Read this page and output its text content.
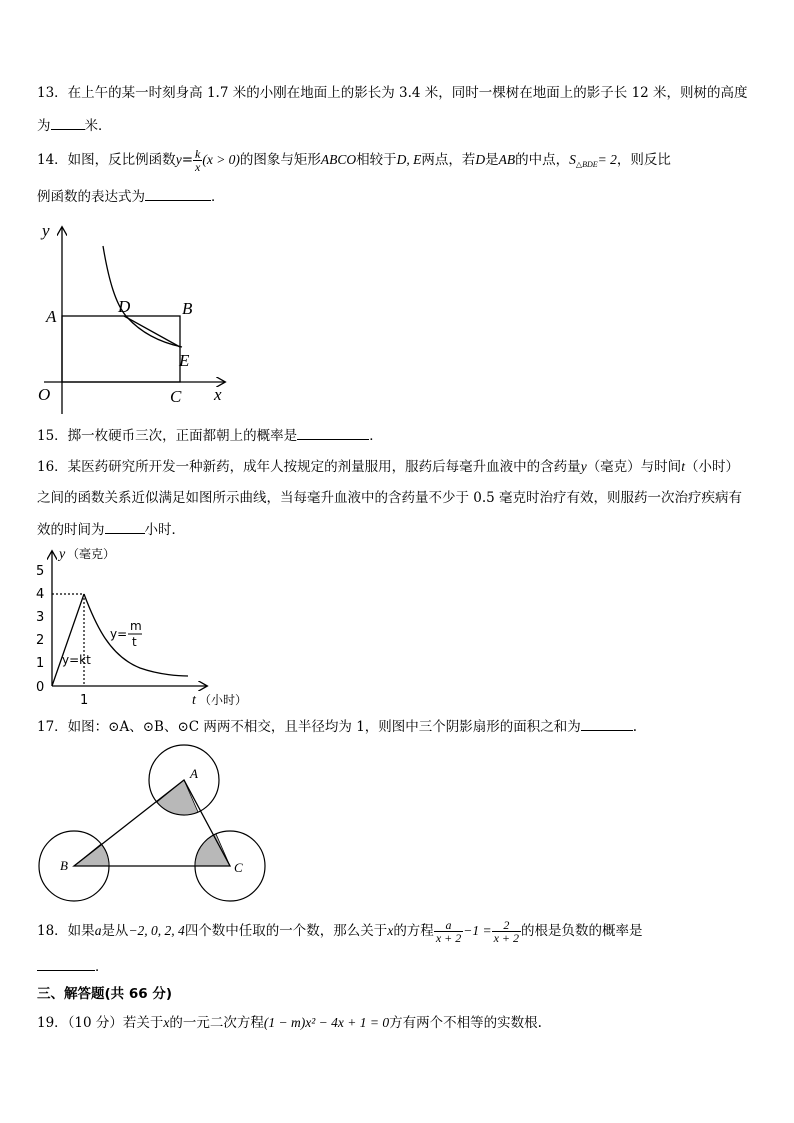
13．在上午的某一时刻身高 1.7 米的小刚在地面上的影长为 3.4 米，同时一棵树在地面上的影子长 12 米，则树的高度
为	米．
14．如图，反比例函数$y= \frac{k}{x} (x > 0)$的图象与矩形ABCO相较于D, E两点，若D是AB的中点，$S_{\triangle BDE}= 2$，则反比
例函数的表达式为	．
y
x
O
A	B
C
D
E
15．掷一枚硬币三次，正面都朝上的概率是	．
16．某医药研究所开发一种新药，成年人按规定的剂量服用，服药后每毫升血液中的含药量y（毫克）与时间t（小时）
之间的函数关系近似满足如图所示曲线，当每毫升血液中的含药量不少于 0.5 毫克时治疗有效，则服药一次治疗疾病有
效的时间为	小时．
5
4
3
2
1
0
1
y （毫克）
t （小时）
y=kt
y=
m
t
17．如图：⊙A、⊙B、⊙C 两两不相交，且半径均为 1，则图中三个阴影扇形的面积之和为	.
A
B	C
18．如果a是从−2, 0, 2, 4四个数中任取的一个数，那么关于x的方程 $\frac{a}{x + 2} -1 = \frac{2}{x + 2}$ 的根是负数的概率是
．
三、解答题(共 66 分)
19．（10 分）若关于x的一元二次方程(1 − m)x² − 4x + 1 = 0方有两个不相等的实数根.
